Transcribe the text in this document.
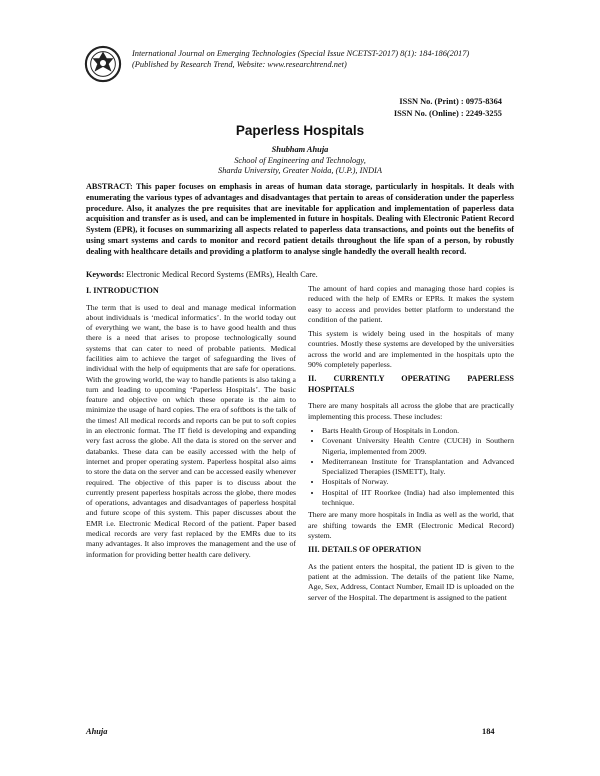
International Journal on Emerging Technologies (Special Issue NCETST-2017) 8(1): 184-186(2017)
(Published by Research Trend, Website: www.researchtrend.net)
ISSN No. (Print) : 0975-8364
ISSN No. (Online) : 2249-3255
Paperless Hospitals
Shubham Ahuja
School of Engineering and Technology,
Sharda University, Greater Noida, (U.P.), INDIA
ABSTRACT: This paper focuses on emphasis in areas of human data storage, particularly in hospitals. It deals with enumerating the various types of advantages and disadvantages that pertain to areas of consideration under the paperless procedure. Also, it analyzes the pre requisites that are inevitable for application and implementation of paperless data acquisition and transfer as is used, and can be implemented in future in hospitals. Dealing with Electronic Patient Record System (EPR), it focuses on summarizing all aspects related to paperless data transactions, and points out the benefits of using smart systems and cards to monitor and record patient details throughout the life span of a person, by robustly dealing with healthcare details and providing a platform to analyse single handedly the overall health record.
Keywords: Electronic Medical Record Systems (EMRs), Health Care.
I. INTRODUCTION

The term that is used to deal and manage medical information about individuals is ‘medical informatics’. In the world today out of everything we want, the base is to have good health and thus there is a need that arises to propose technologically sound systems that can cater to need of probable patients. Medical facilities aim to achieve the target of safeguarding the lives of individual with the help of equipments that are safe for operations. With the growing world, the way to handle patients is also taking a turn and leading to upcoming ‘Paperless Hospitals’. The basic feature and objective on which these operate is the aim to minimize the usage of hard copies. The era of softbots is the talk of the times! All medical records and reports can be put to soft copies in an electronic format. The IT field is developing and expanding very fast across the globe. All the data is stored on the server and databanks. These data can be easily accessed with the help of internet and proper operating system. Paperless hospital also aims to store the data on the server and can be accessed easily whenever required. The objective of this paper is to discuss about the currently present paperless hospitals across the globe, there modes of operations, advantages and disadvantages of paperless hospital and future scope of this system. This paper discusses about the EMR i.e. Electronic Medical Record of the patient. Paper based medical records are very fast replaced by the EMRs due to its many advantages. It also improves the management and the use of information for providing better health care delivery.

The amount of hard copies and managing those hard copies is reduced with the help of EMRs or EPRs. It makes the system easy to access and provides better platform to understand the condition of the patient.

This system is widely being used in the hospitals of many countries. Mostly these systems are developed by the universities across the world and are implemented in the hospitals upto the 90% completely paperless.

II. CURRENTLY OPERATING PAPERLESS HOSPITALS

There are many hospitals all across the globe that are practically implementing this process. These includes:

• Barts Health Group of Hospitals in London.
• Covenant University Health Centre (CUCH) in Southern Nigeria, implemented from 2009.
• Mediterranean Institute for Transplantation and Advanced Specialized Therapies (ISMETT), Italy.
• Hospitals of Norway.
• Hospital of IIT Roorkee (India) had also implemented this technique.

There are many more hospitals in India as well as the world, that are shifting towards the EMR (Electronic Medical Record) system.

III. DETAILS OF OPERATION

As the patient enters the hospital, the patient ID is given to the patient at the admission. The details of the patient like Name, Age, Sex, Address, Contact Number, Email ID is uploaded on the server of the Hospital. The department is assigned to the patient

Ahuja	184
